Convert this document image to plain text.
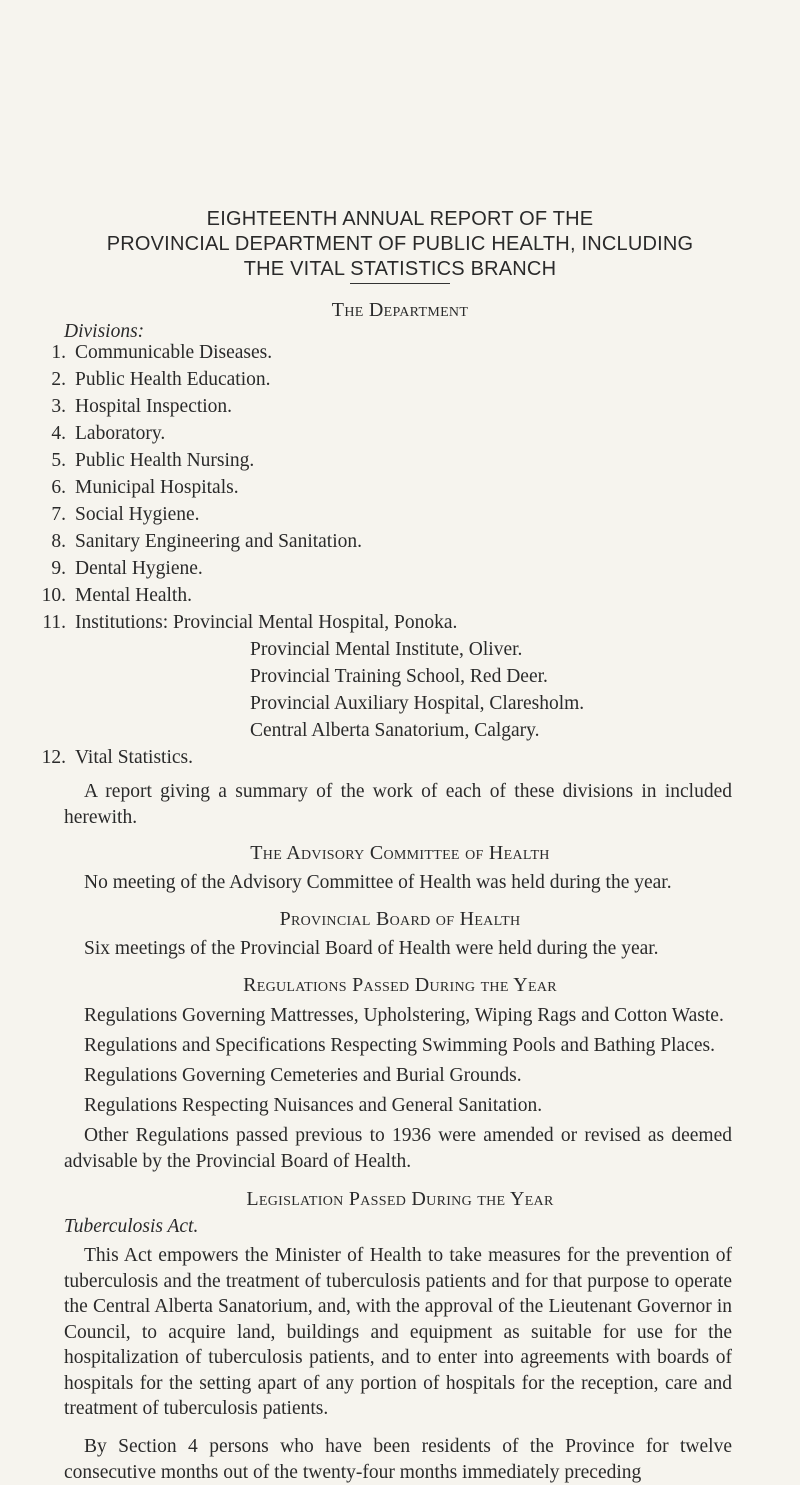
EIGHTEENTH ANNUAL REPORT OF THE
PROVINCIAL DEPARTMENT OF PUBLIC HEALTH, INCLUDING
THE VITAL STATISTICS BRANCH
The Department
Divisions:
1. Communicable Diseases.
2. Public Health Education.
3. Hospital Inspection.
4. Laboratory.
5. Public Health Nursing.
6. Municipal Hospitals.
7. Social Hygiene.
8. Sanitary Engineering and Sanitation.
9. Dental Hygiene.
10. Mental Health.
11. Institutions: Provincial Mental Hospital, Ponoka.
Provincial Mental Institute, Oliver.
Provincial Training School, Red Deer.
Provincial Auxiliary Hospital, Claresholm.
Central Alberta Sanatorium, Calgary.
12. Vital Statistics.
A report giving a summary of the work of each of these divisions in included herewith.
The Advisory Committee of Health
No meeting of the Advisory Committee of Health was held during the year.
Provincial Board of Health
Six meetings of the Provincial Board of Health were held during the year.
Regulations Passed During the Year
Regulations Governing Mattresses, Upholstering, Wiping Rags and Cotton Waste.
Regulations and Specifications Respecting Swimming Pools and Bathing Places.
Regulations Governing Cemeteries and Burial Grounds.
Regulations Respecting Nuisances and General Sanitation.
Other Regulations passed previous to 1936 were amended or revised as deemed advisable by the Provincial Board of Health.
Legislation Passed During the Year
Tuberculosis Act.
This Act empowers the Minister of Health to take measures for the prevention of tuberculosis and the treatment of tuberculosis patients and for that purpose to operate the Central Alberta Sanatorium, and, with the approval of the Lieutenant Governor in Council, to acquire land, buildings and equipment as suitable for use for the hospitalization of tuberculosis patients, and to enter into agreements with boards of hospitals for the setting apart of any portion of hospitals for the reception, care and treatment of tuberculosis patients.
By Section 4 persons who have been residents of the Province for twelve consecutive months out of the twenty-four months immediately preceding
